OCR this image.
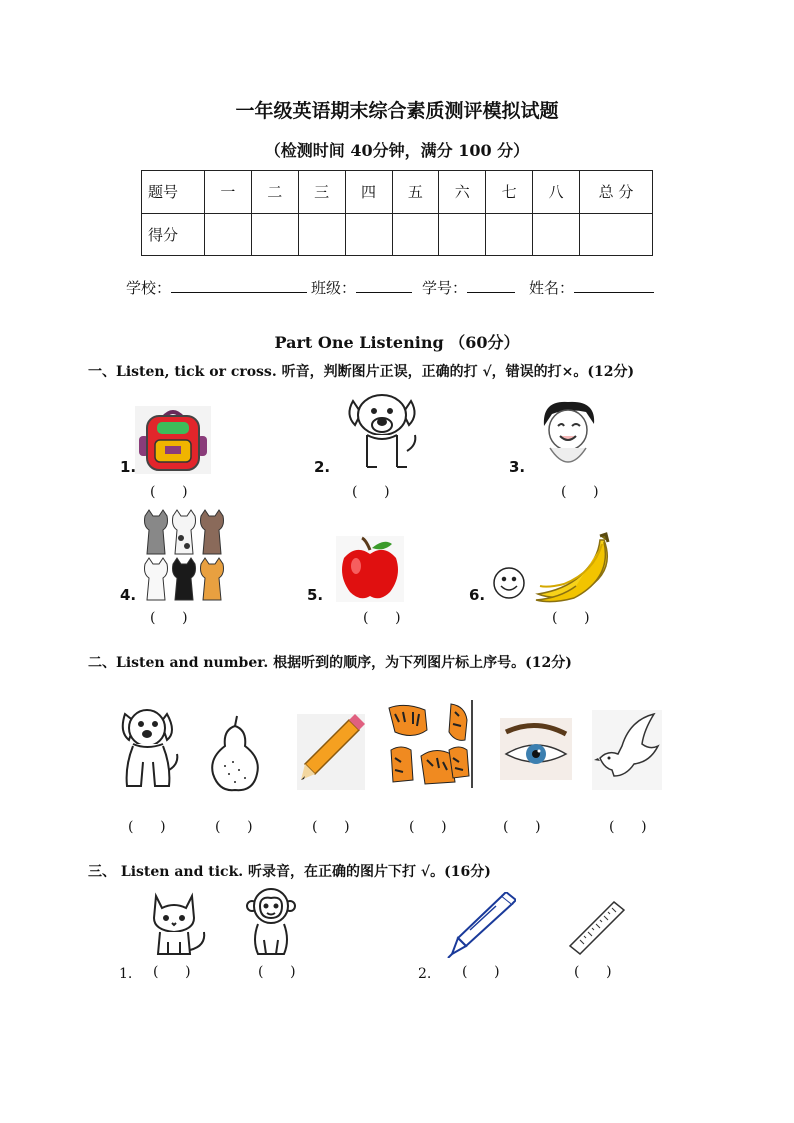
一年级英语期末综合素质测评模拟试题
（检测时间 40分钟，满分 100 分）
题号	一	二	三	四	五	六	七	八	总 分
得分									
学校：	班级：	学号：	姓名：
Part One Listening （60分）
一、Listen, tick or cross. 听音，判断图片正误，正确的打 √，错误的打×。(12分)
1.	2.	3.
(      )	(      )	(      )
4.	5.	6.
(      )	(      )	(      )
二、Listen and number. 根据听到的顺序，为下列图片标上序号。(12分)
(      )	(      )	(      )	(      )	(      )	(      )
三、 Listen and tick. 听录音，在正确的图片下打 √。(16分)
1. (      )	(      )	2. (      )	(      )
